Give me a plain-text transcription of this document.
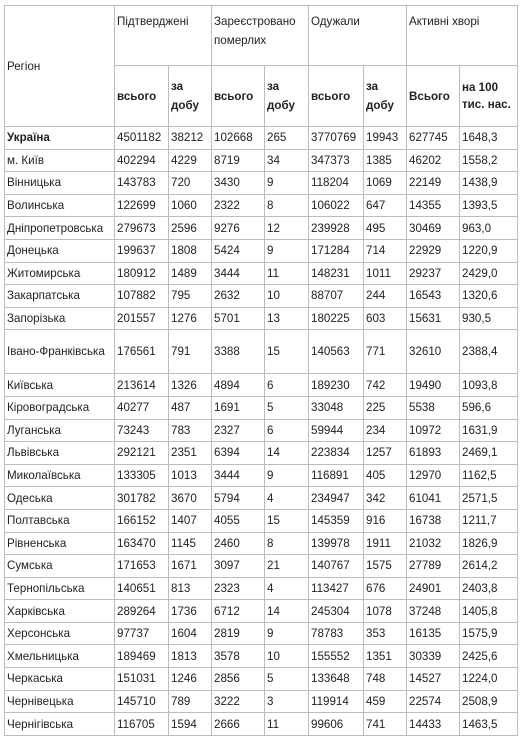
Регіон	Підтверджені		Зареєстровано померлих		Одужали		Активні хворі	
	всього	за добу	всього	за добу	всього	за добу	Всього	на 100 тис. нас.
Україна	4501182	38212	102668	265	3770769	19943	627745	1648,3
м. Київ	402294	4229	8719	34	347373	1385	46202	1558,2
Вінницька	143783	720	3430	9	118204	1069	22149	1438,9
Волинська	122699	1060	2322	8	106022	647	14355	1393,5
Дніпропетровська	279673	2596	9276	12	239928	495	30469	963,0
Донецька	199637	1808	5424	9	171284	714	22929	1220,9
Житомирська	180912	1489	3444	11	148231	1011	29237	2429,0
Закарпатська	107882	795	2632	10	88707	244	16543	1320,6
Запорізька	201557	1276	5701	13	180225	603	15631	930,5
Івано-Франківська	176561	791	3388	15	140563	771	32610	2388,4
Київська	213614	1326	4894	6	189230	742	19490	1093,8
Кіровоградська	40277	487	1691	5	33048	225	5538	596,6
Луганська	73243	783	2327	6	59944	234	10972	1631,9
Львівська	292121	2351	6394	14	223834	1257	61893	2469,1
Миколаївська	133305	1013	3444	9	116891	405	12970	1162,5
Одеська	301782	3670	5794	4	234947	342	61041	2571,5
Полтавська	166152	1407	4055	15	145359	916	16738	1211,7
Рівненська	163470	1145	2460	8	139978	1911	21032	1826,9
Сумська	171653	1671	3097	21	140767	1575	27789	2614,2
Тернопільська	140651	813	2323	4	113427	676	24901	2403,8
Харківська	289264	1736	6712	14	245304	1078	37248	1405,8
Херсонська	97737	1604	2819	9	78783	353	16135	1575,9
Хмельницька	189469	1813	3578	10	155552	1351	30339	2425,6
Черкаська	151031	1246	2856	5	133648	748	14527	1224,0
Чернівецька	145710	789	3222	3	119914	459	22574	2508,9
Чернігівська	116705	1594	2666	11	99606	741	14433	1463,5
